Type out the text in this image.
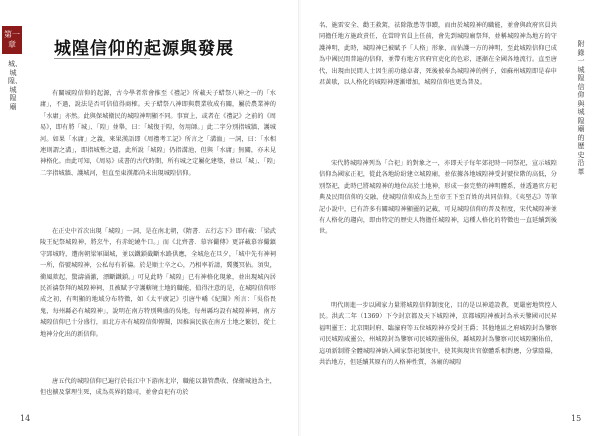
第一章
城、城隍、城隍廟
城隍信仰的起源與發展

有關城隍信仰的起源，古今學者常會推至《禮記》所載天子蜡祭八神之一的「水庸」，不過，說法是否可信值得商榷。天子蜡祭八神即與農業收成有關，屬於農業神的「水庸」亦然。此與保城衛民的城隍神明顯不同。事實上，或者在《禮記》之前的《周易》，即有將「城」、「隍」並舉，曰：「城復于隍，勿用師。」此二字分別指城牆、護城河。如果「水庸」之義，來果漢語即《周禮考工記》所言之「溝洫」一詞，曰：「水相連則謂之溝」，即指城塹之遺，此所說「城隍」仍指溝池，但與「水庸」無關，亦未見神格化。由此可知，《周易》成書的古代時期，所有城之定屬化建築，並以「城」、「隍」二字指城牆、護城河，但直至東漢都尚未出現城隍信仰。

在正史中首次出現「城隍」一詞，是在南北朝，《隋書．五行志下》即有載：「梁武陵王紀祭城隍神，將烹牛，有赤蛇繞牛口。」而《北齊書．慕容儼傳》更詳載慕容儼鎮守郢城時，遭南朝梁軍圍城，並以鐵鎖截斷水路供應，全城危在旦夕，「城中先有神祠一所，俗號城隍神，公私每有祈禱。於是順士卒之心，乃相率祈請，冀獲冥佑。須臾，衝風欻起，驚濤涌激，漂斷鐵鎖。」可見此時「城隍」已有神格化現象，並出現城內居民祈禱祭拜的城隍神祠，且被賦予守護轄境土地的職能，值得注意的是，在城隍信仰形成之初，有明顯的地域分布特徵，如《太平廣記》引唐牛嶠《紀聞》所言：「吳俗畏鬼，每州縣必有城隍神」，說明在南方特別興盛的吳地，每州縣均設有城隍神祠，南方城隍信仰已十分盛行，而北方亦有城隍信仰傳聞，因推演民族在南方土地之繁衍，從土地神分化出的新信仰。

唐五代的城隍信仰已遍行於長江中下游南北岸，職能以兼管農收、保衛城池為主，但也擴及掌理生死，成為英界的陰司，並會貞祀有功於

14

名、施雷安全、勸王救駕，祛除散患等事蹟，而由於城隍神的職能，並會與政府官員共同擔任地方施政責任，在當時官員上任前，會先到城隍廟祭拜，並稱城隍神為地方的守護神明，此時，城隍神已被賦予「人格」形象，而佑護一方的神明，至此城隍信仰已成為中國民間普遍的信仰，並帶有地方官府官吏化的色彩，逐漸在全國各地流行。直至唐代，出現由民間人士因生前功德卓著，死後被奉為城隍神的例子，如蘇州城隍即是春申君黃歇，以人格化的城隍神逐漸增加，城隍信仰也更為普及。

宋代將城隍神列為「合祀」的對象之一，亦即天子每年郊祀時一同祭祀，宣示城隍信仰為國家正祀，從此各地紛紛建立城隍廟，並依據各地城隍神受封號位階的高低，分別祭祀，此時已將城隍神的地位高於土地神，形成一套完整的神明體系，並透過官方祀典及民間信仰的交融，使城隍信仰成為上至帝王下至百姓的共同信仰。《夷堅志》等筆記小說中，已有許多有關城隍神顯靈的記載，可見城隍信仰的普及程度，宋代城隍神並有人格化的趨向，即由特定的歷史人物擔任城隍神，這種人格化的特徵也一直延續到後世。

明代則進一步以國家力量將城隍信仰制度化，目的是以神道設教，更嚴密地管控人民。洪武二年（1369）下令封京都及天下城隍神，京都城隍神被封為承天鑒國司民昇福明靈王；北京開封府、臨濠府等五位城隍神亦受封王爵；其他地區之府城隍封為鑒察司民城隍威靈公，州城隍封為鑒察司民城隍靈佑侯，縣城隍封為鑒察司民城隍顯佑伯，這項新制將全體城隍神納入國家祭祀制度中，使其與現世官僚體系相對應，分掌陰陽，共治地方，但延續其原有的人格神性質，各廟的城隍

附錄一　城隍信仰與城隍廟的歷史沿革
15
